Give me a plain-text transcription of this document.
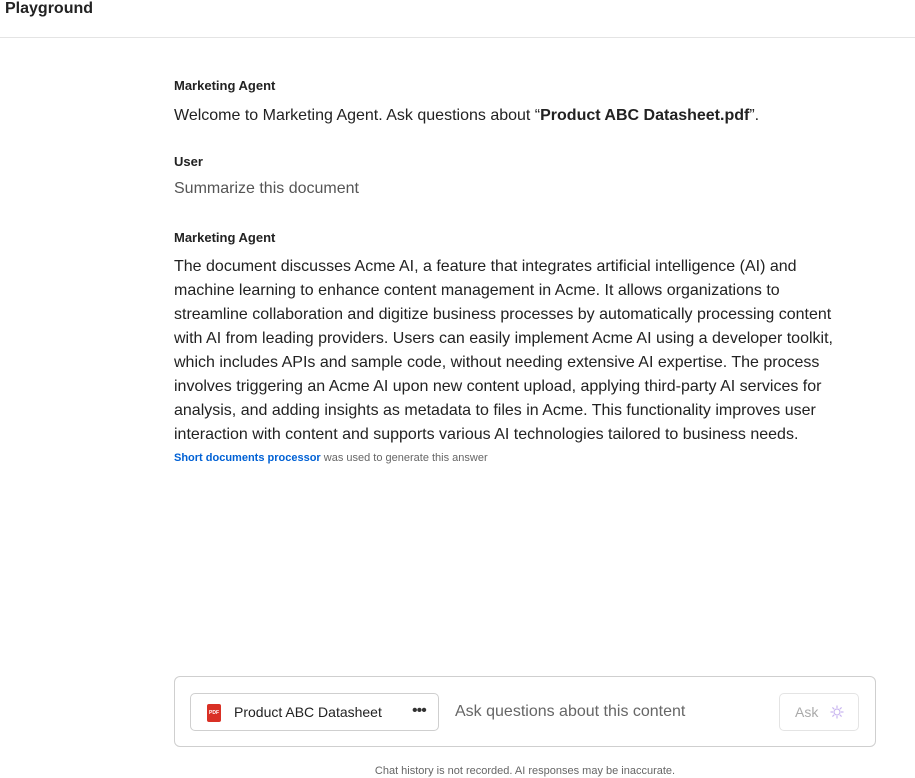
Playground
Marketing Agent
Welcome to Marketing Agent. Ask questions about “Product ABC Datasheet.pdf”.
User
Summarize this document
Marketing Agent
The document discusses Acme AI, a feature that integrates artificial intelligence (AI) and machine learning to enhance content management in Acme. It allows organizations to streamline collaboration and digitize business processes by automatically processing content with AI from leading providers. Users can easily implement Acme AI using a developer toolkit, which includes APIs and sample code, without needing extensive AI expertise. The process involves triggering an Acme AI upon new content upload, applying third-party AI services for analysis, and adding insights as metadata to files in Acme. This functionality improves user interaction with content and supports various AI technologies tailored to business needs.
Short documents processor was used to generate this answer
PDF Product ABC Datasheet •••
Ask questions about this content	Ask
Chat history is not recorded. AI responses may be inaccurate.
